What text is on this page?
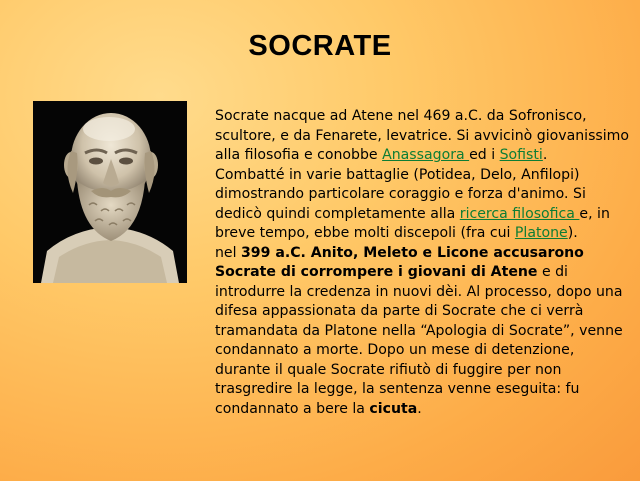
SOCRATE
Socrate nacque ad Atene nel 469 a.C. da Sofronisco, scultore, e da Fenarete, levatrice. Si avvicinò giovanissimo alla filosofia e conobbe Anassagora ed i Sofisti.
Combatté in varie battaglie (Potidea, Delo, Anfilopi) dimostrando particolare coraggio e forza d'animo. Si dedicò quindi completamente alla ricerca filosofica e, in breve tempo, ebbe molti discepoli (fra cui Platone).
nel 399 a.C. Anito, Meleto e Licone accusarono Socrate di corrompere i giovani di Atene e di introdurre la credenza in nuovi dèi. Al processo, dopo una difesa appassionata da parte di Socrate che ci verrà tramandata da Platone nella “Apologia di Socrate”, venne condannato a morte. Dopo un mese di detenzione, durante il quale Socrate rifiutò di fuggire per non trasgredire la legge, la sentenza venne eseguita: fu condannato a bere la cicuta.
